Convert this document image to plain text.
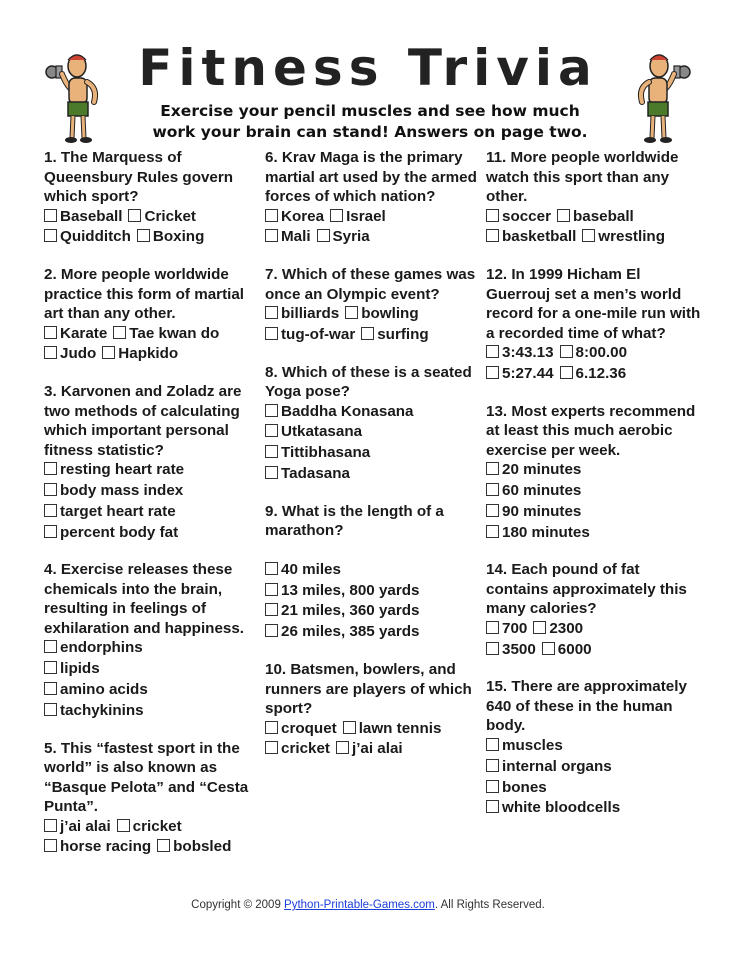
Fitness Trivia
Exercise your pencil muscles and see how much
work your brain can stand! Answers on page two.
1. The Marquess of Queensbury Rules govern which sport?
Baseball Cricket
Quidditch Boxing
2. More people worldwide practice this form of martial art than any other.
Karate Tae kwan do
Judo Hapkido
3. Karvonen and Zoladz are two methods of calculating which important personal fitness statistic?
resting heart rate
body mass index
target heart rate
percent body fat
4. Exercise releases these chemicals into the brain, resulting in feelings of exhilaration and happiness.
endorphins
lipids
amino acids
tachykinins
5. This “fastest sport in the world” is also known as “Basque Pelota” and “Cesta Punta”.
j’ai alai cricket
horse racing bobsled
6. Krav Maga is the primary martial art used by the armed forces of which nation?
Korea Israel
Mali Syria
7. Which of these games was once an Olympic event?
billiards bowling
tug-of-war surfing
8. Which of these is a seated Yoga pose?
Baddha Konasana
Utkatasana
Tittibhasana
Tadasana
9. What is the length of a marathon?
40 miles
13 miles, 800 yards
21 miles, 360 yards
26 miles, 385 yards
10. Batsmen, bowlers, and runners are players of which sport?
croquet lawn tennis
cricket j’ai alai
11. More people worldwide watch this sport than any other.
soccer baseball
basketball wrestling
12. In 1999 Hicham El Guerrouj set a men’s world record for a one-mile run with a recorded time of what?
3:43.13 8:00.00
5:27.44 6.12.36
13. Most experts recommend at least this much aerobic exercise per week.
20 minutes
60 minutes
90 minutes
180 minutes
14. Each pound of fat contains approximately this many calories?
700 2300
3500 6000
15. There are approximately 640 of these in the human body.
muscles
internal organs
bones
white bloodcells
Copyright © 2009 Python-Printable-Games.com. All Rights Reserved.
